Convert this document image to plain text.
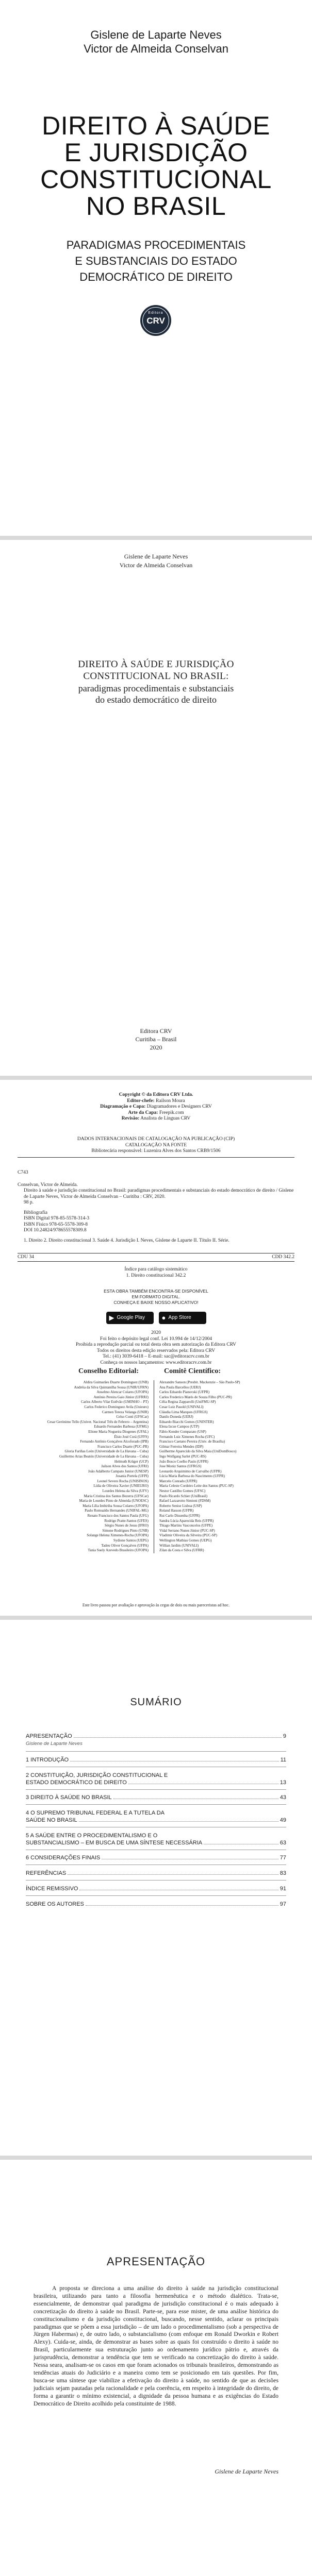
Gislene de Laparte Neves
Victor de Almeida Conselvan
DIREITO À SAÚDE
E JURISDIÇÃO
CONSTITUCIONAL
NO BRASIL
PARADIGMAS PROCEDIMENTAIS
E SUBSTANCIAIS DO ESTADO
DEMOCRÁTICO DE DIREITO
Editora
CRV
Gislene de Laparte Neves
Victor de Almeida Conselvan
DIREITO À SAÚDE E JURISDIÇÃO
CONSTITUCIONAL NO BRASIL:
paradigmas procedimentais e substanciais
do estado democrático de direito
Editora CRV
Curitiba – Brasil
2020
Copyright © da Editora CRV Ltda.
Editor-chefe: Railson Moura
Diagramação e Capa: Diagramadores e Designers CRV
Arte da Capa: Freepik.com
Revisão: Analista de Línguas CRV
DADOS INTERNACIONAIS DE CATALOGAÇÃO NA PUBLICAÇÃO (CIP)
CATALOGAÇÃO NA FONTE
Bibliotecária responsável: Luzenira Alves dos Santos CRB9/1506
C743
Conselvan, Victor de Almeida.
Direito à saúde e jurisdição constitucional no Brasil: paradigmas procedimentais e substanciais do estado democrático de direito / Gislene de Laparte Neves, Victor de Almeida Conselvan – Curitiba : CRV, 2020.
98 p.
Bibliografia
ISBN Digital 978-85-5578-314-3
ISBN Físico 978-65-5578-309-8
DOI 10.24824/978655578309.8
1. Direito 2. Direito constitucional 3. Saúde 4. Jurisdição I. Neves, Gislene de Laparte II. Título II. Série.
CDU 34	CDD 342.2
Índice para catálogo sistemático
1. Direito constitucional 342.2
ESTA OBRA TAMBÉM ENCONTRA-SE DISPONÍVEL
EM FORMATO DIGITAL.
CONHEÇA E BAIXE NOSSO APLICATIVO!
▶ Google Play	● App Store
2020
Foi feito o depósito legal conf. Lei 10.994 de 14/12/2004
Proibida a reprodução parcial ou total desta obra sem autorização da Editora CRV
Todos os direitos desta edição reservados pela: Editora CRV
Tel.: (41) 3039-6418 – E-mail: sac@editoracrv.com.br
Conheça os nossos lançamentos: www.editoracrv.com.br
Conselho Editorial:	Comitê Científico:
Aldira Guimarães Duarte Domínguez (UNB)
Andréia da Silva Quintanilha Sousa (UNIR/UFRN)
Anselmo Alencar Colares (UFOPA)
Antônio Pereira Gaio Júnior (UFRRJ)
Carlos Alberto Vilar Estêvão (UMINHO – PT)
Carlos Federico Dominguez Avila (Unieuro)
Carmen Tereza Velanga (UNIR)
Celso Conti (UFSCar)
Cesar Gerónimo Tello (Univer. Nacional Três de Febrero – Argentina)
Eduardo Fernandes Barbosa (UFMG)
Elione Maria Nogueira Diogenes (UFAL)
Élsio José Corá (UFFS)
Fernando Antônio Gonçalves Alcoforado (IPB)
Francisco Carlos Duarte (PUC-PR)
Gloria Fariñas León (Universidade de La Havana – Cuba)
Guillermo Arias Beatón (Universidade de La Havana – Cuba)
Helmuth Krüger (UCP)
Jailson Alves dos Santos (UFRJ)
João Adalberto Campato Junior (UNESP)
Josania Portela (UFPI)
Leonel Severo Rocha (UNISINOS)
Lídia de Oliveira Xavier (UNIEURO)
Lourdes Helena da Silva (UFV)
Maria Cristina dos Santos Bezerra (UFSCar)
Maria de Lourdes Pinto de Almeida (UNOESC)
Maria Lília Imbiriba Sousa Colares (UFOPA)
Paulo Romualdo Hernandes (UNIFAL-MG)
Renato Francisco dos Santos Paula (UFG)
Rodrigo Pratte-Santos (UFES)
Sérgio Nunes de Jesus (IFRO)
Simone Rodrigues Pinto (UNB)
Solange Helena Ximenes-Rocha (UFOPA)
Sydione Santos (UEPG)
Tadeu Oliver Gonçalves (UFPA)
Tania Suely Azevedo Brasileiro (UFOPA)
Alexandre Sanson (Presbit. Mackenzie – São Paulo-SP)
Ana Paula Barcellos (UERJ)
Carlos Eduardo Pianovski (UFPR)
Carlos Frederico Marés de Souza Filho (PUC-PR)
Célia Regina Zapparolli (UniFMU-SP)
Cesar Luiz Pasold (UNIVALI)
Cláudia Lima Marques (UFRGS)
Danilo Doneda (UERJ)
Eduardo Biacchi Gomes (UNINTER)
Elena Izcue Campos (UTP)
Fábio Konder Comparato (USP)
Fernando Luiz Ximenes Rocha (UFC)
Francisco Caetano Pereira (Univ. de Brasília)
Gilmar Ferreira Mendes (IDP)
Guilherme Aparecido da Silva Maia (UniDomBosco)
Ingo Wolfgang Sarlet (PUC-RS)
João Bosco Coelho Pasin (UFPR)
Jose Moniz Santos (UFRGS)
Leonardo Arquimimo de Carvalho (UFPR)
Lúcia Maria Barbosa do Nascimento (UFPR)
Marcelo Conrado (UFPR)
Maria Celeste Cordeiro Leite dos Santos (PUC-SP)
Nestor Castilho Gomes (UFSC)
Paulo Ricardo Schier (UniBrasil)
Rafael Lazzarotto Simioni (FDSM)
Roberto Senise Lisboa (USP)
Roland Hasson (UFPR)
Rui Carlo Dissenha (UFPR)
Sandra Lúcia Aparecida Reis (UFPR)
Thiago Martins Vasconcelos (UFPE)
Vidal Serrano Nunes Júnior (PUC-SP)
Vladimir Oliveira da Silveira (PUC-SP)
Wellington Mathias Gomes (UEPG)
Willian Jardim (UNIVALI)
Zilan da Costa e Silva (UFRR)
Este livro passou por avaliação e aprovação às cegas de dois ou mais pareceristas ad hoc.
SUMÁRIO
APRESENTAÇÃO	9
Gislene de Laparte Neves
1 INTRODUÇÃO	11
2 CONSTITUIÇÃO, JURISDIÇÃO CONSTITUCIONAL E
ESTADO DEMOCRÁTICO DE DIREITO	13
3 DIREITO À SAÚDE NO BRASIL	43
4 O SUPREMO TRIBUNAL FEDERAL E A TUTELA DA
SAÚDE NO BRASIL	49
5 A SAÚDE ENTRE O PROCEDIMENTALISMO E O
SUBSTANCIALISMO – EM BUSCA DE UMA SÍNTESE NECESSÁRIA	63
6 CONSIDERAÇÕES FINAIS	77
REFERÊNCIAS	83
ÍNDICE REMISSIVO	91
SOBRE OS AUTORES	97
APRESENTAÇÃO
A proposta se direciona a uma análise do direito à saúde na jurisdição constitucional brasileira, utilizando para tanto a filosofia hermenêutica e o método dialético. Trata-se, essencialmente, de demonstrar qual paradigma de jurisdição constitucional é o mais adequado à concretização do direito à saúde no Brasil. Parte-se, para esse mister, de uma análise histórica do constitucionalismo e da jurisdição constitucional, buscando, nesse sentido, aclarar os principais paradigmas que se põem a essa jurisdição – de um lado o procedimentalismo (sob a perspectiva de Jürgen Habermas) e, de outro lado, o substancialismo (com enfoque em Ronald Dworkin e Robert Alexy). Cuida-se, ainda, de demonstrar as bases sobre as quais foi construído o direito à saúde no Brasil, particularmente sua estruturação junto ao ordenamento jurídico pátrio e, através da jurisprudência, demonstrar a tendência que tem se verificado na concretização do direito à saúde. Nessa seara, analisam-se os casos em que foram acionados os tribunais brasileiros, demonstrando as tendências atuais do Judiciário e a maneira como tem se posicionado em tais questões. Por fim, busca-se uma síntese que viabilize a efetivação do direito à saúde, no sentido de que as decisões judiciais sejam pautadas pela racionalidade e pela coerência, em respeito à integridade do direito, de forma a garantir o mínimo existencial, a dignidade da pessoa humana e as exigências do Estado Democrático de Direito acolhido pela constituinte de 1988.
Gislene de Laparte Neves
